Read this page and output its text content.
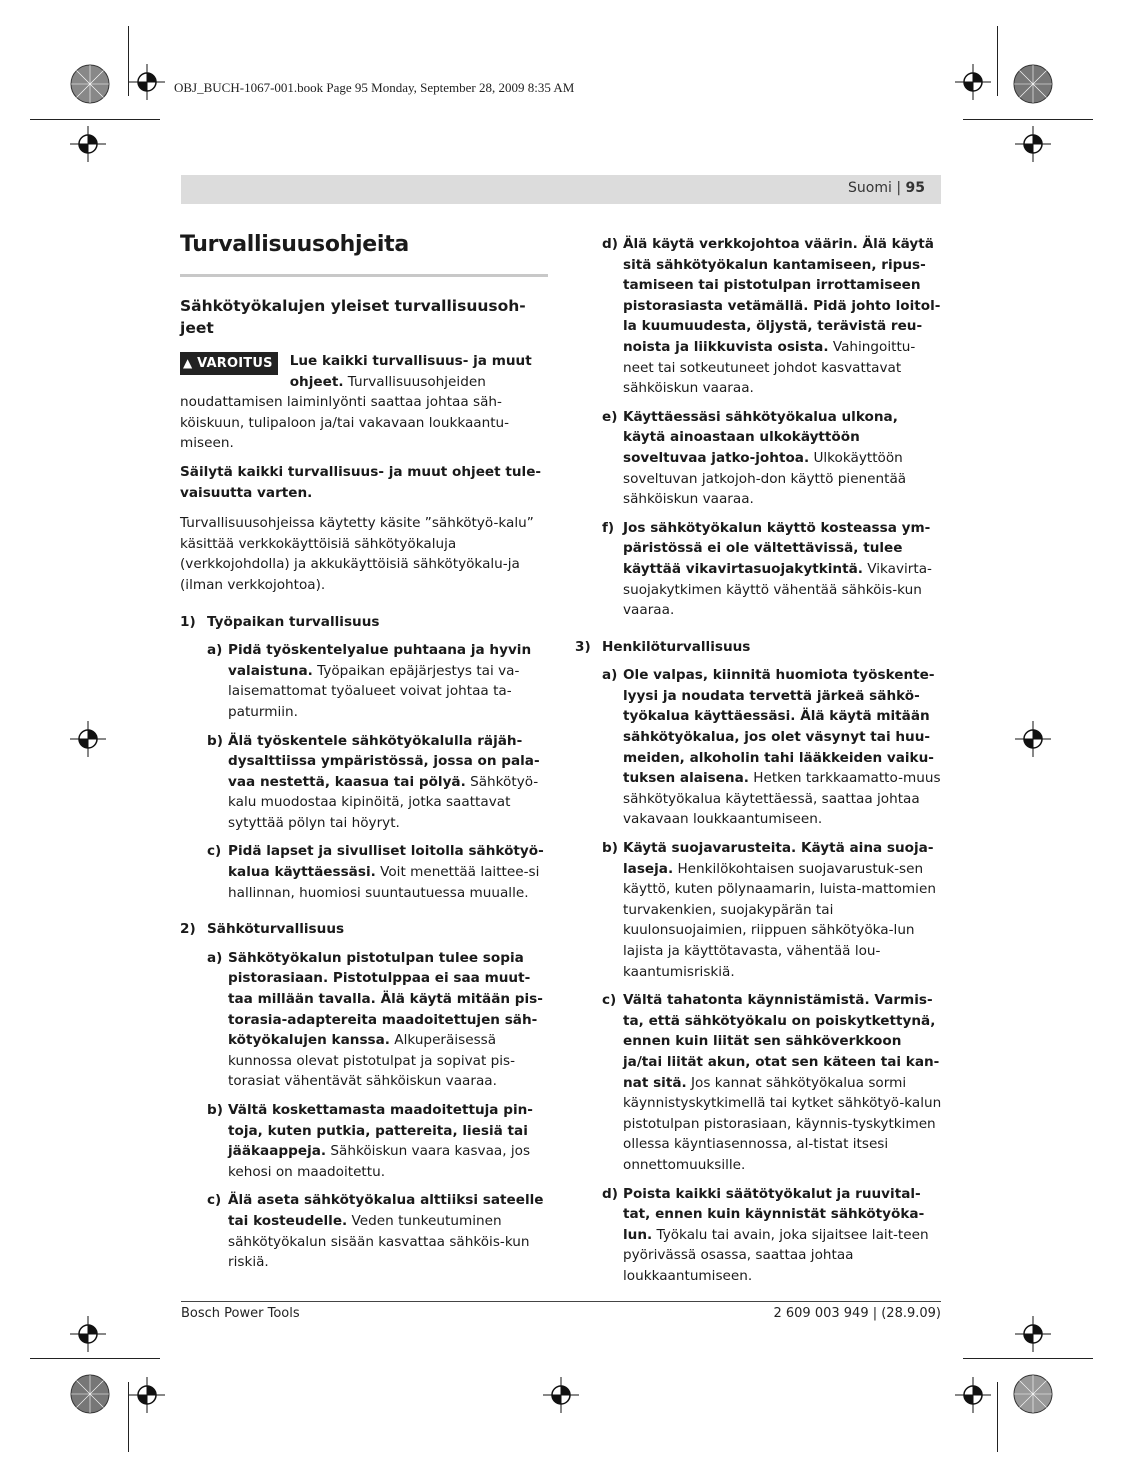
OBJ_BUCH-1067-001.book Page 95 Monday, September 28, 2009 8:35 AM
Suomi | 95
Turvallisuusohjeita
Sähkötyökalujen yleiset turvallisuusoh-jeet

▲ VAROITUS	Lue kaikki turvallisuus- ja muut ohjeet. Turvallisuusohjeiden noudattamisen laiminlyönti saattaa johtaa säh-köiskuun, tulipaloon ja/tai vakavaan loukkaantu-miseen.

Säilytä kaikki turvallisuus- ja muut ohjeet tule-vaisuutta varten.

Turvallisuusohjeissa käytetty käsite ”sähkötyö-kalu” käsittää verkkokäyttöisiä sähkötyökaluja (verkkojohdolla) ja akkukäyttöisiä sähkötyökalu-ja (ilman verkkojohtoa).

1) Työpaikan turvallisuus
a) Pidä työskentelyalue puhtaana ja hyvin valaistuna. Työpaikan epäjärjestys tai va-laisemattomat työalueet voivat johtaa ta-paturmiin.
b) Älä työskentele sähkötyökalulla räjäh-dysalttiissa ympäristössä, jossa on pala-vaa nestettä, kaasua tai pölyä. Sähkötyö-kalu muodostaa kipinöitä, jotka saattavat sytyttää pölyn tai höyryt.
c) Pidä lapset ja sivulliset loitolla sähkötyö-kalua käyttäessäsi. Voit menettää laittee-si hallinnan, huomiosi suuntautuessa muualle.
2) Sähköturvallisuus
a) Sähkötyökalun pistotulpan tulee sopia pistorasiaan. Pistotulppaa ei saa muut-taa millään tavalla. Älä käytä mitään pis-torasia-adaptereita maadoitettujen säh-kötyökalujen kanssa. Alkuperäisessä kunnossa olevat pistotulpat ja sopivat pis-torasiat vähentävät sähköiskun vaaraa.
b) Vältä koskettamasta maadoitettuja pin-toja, kuten putkia, pattereita, liesiä tai jääkaappeja. Sähköiskun vaara kasvaa, jos kehosi on maadoitettu.
c) Älä aseta sähkötyökalua alttiiksi sateelle tai kosteudelle. Veden tunkeutuminen sähkötyökalun sisään kasvattaa sähköis-kun riskiä.
d) Älä käytä verkkojohtoa väärin. Älä käytä sitä sähkötyökalun kantamiseen, ripus-tamiseen tai pistotulpan irrottamiseen pistorasiasta vetämällä. Pidä johto loitol-la kuumuudesta, öljystä, terävistä reu-noista ja liikkuvista osista. Vahingoittu-neet tai sotkeutuneet johdot kasvattavat sähköiskun vaaraa.
e) Käyttäessäsi sähkötyökalua ulkona, käytä ainoastaan ulkokäyttöön soveltuvaa jatko-johtoa. Ulkokäyttöön soveltuvan jatkojoh-don käyttö pienentää sähköiskun vaaraa.
f) Jos sähkötyökalun käyttö kosteassa ym-päristössä ei ole vältettävissä, tulee käyttää vikavirtasuojakytkintä. Vikavirta-suojakytkimen käyttö vähentää sähköis-kun vaaraa.
3) Henkilöturvallisuus
a) Ole valpas, kiinnitä huomiota työskente-lyysi ja noudata tervettä järkeä sähkö-työkalua käyttäessäsi. Älä käytä mitään sähkötyökalua, jos olet väsynyt tai huu-meiden, alkoholin tahi lääkkeiden vaiku-tuksen alaisena. Hetken tarkkaamatto-muus sähkötyökalua käytettäessä, saattaa johtaa vakavaan loukkaantumiseen.
b) Käytä suojavarusteita. Käytä aina suoja-laseja. Henkilökohtaisen suojavarustuk-sen käyttö, kuten pölynaamarin, luista-mattomien turvakenkien, suojakypärän tai kuulonsuojaimien, riippuen sähkötyöka-lun lajista ja käyttötavasta, vähentää lou-kaantumisriskiä.
c) Vältä tahatonta käynnistämistä. Varmis-ta, että sähkötyökalu on poiskytkettynä, ennen kuin liität sen sähköverkkoon ja/tai liität akun, otat sen käteen tai kan-nat sitä. Jos kannat sähkötyökalua sormi käynnistyskytkimellä tai kytket sähkötyö-kalun pistotulpan pistorasiaan, käynnis-tyskytkimen ollessa käyntiasennossa, al-tistat itsesi onnettomuuksille.
d) Poista kaikki säätötyökalut ja ruuvital-tat, ennen kuin käynnistät sähkötyöka-lun. Työkalu tai avain, joka sijaitsee lait-teen pyörivässä osassa, saattaa johtaa loukkaantumiseen.
Bosch Power Tools	2 609 003 949 | (28.9.09)
